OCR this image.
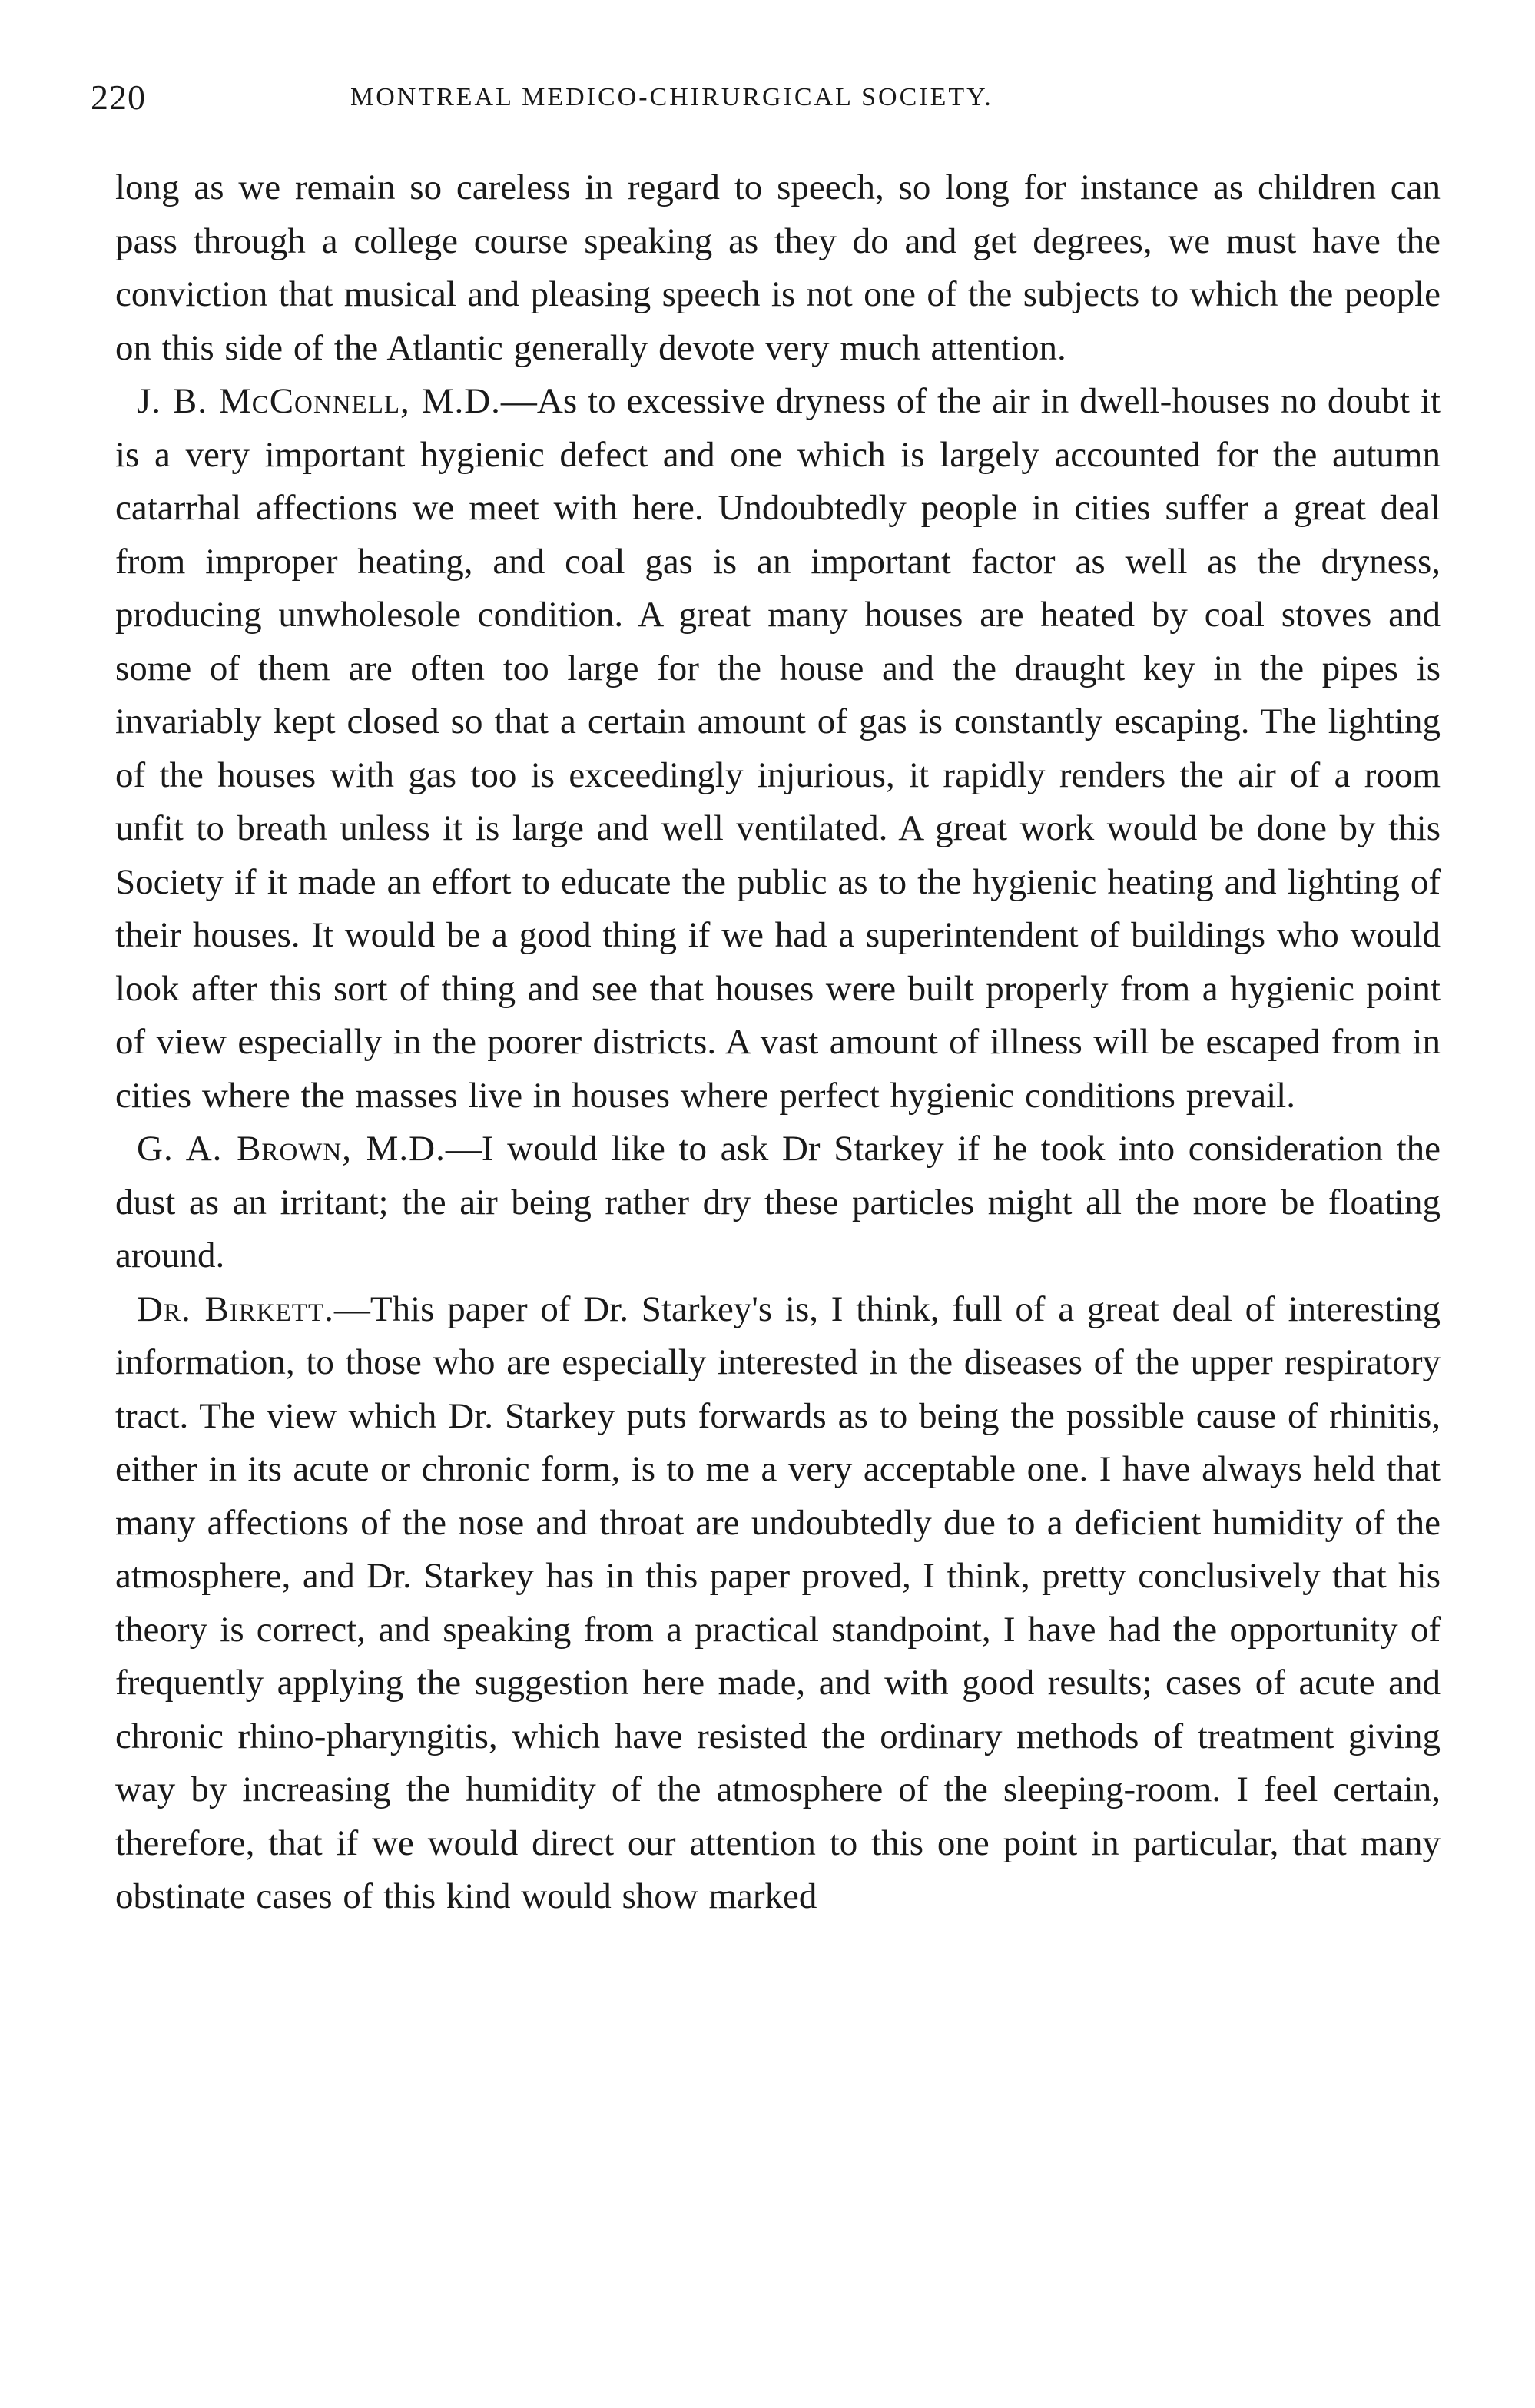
220	MONTREAL MEDICO-CHIRURGICAL SOCIETY.

long as we remain so careless in regard to speech, so long for instance as children can pass through a college course speaking as they do and get degrees, we must have the conviction that musical and pleasing speech is not one of the subjects to which the people on this side of the Atlantic generally devote very much attention.

J. B. McConnell, M.D.—As to excessive dryness of the air in dwell-houses no doubt it is a very important hygienic defect and one which is largely accounted for the autumn catarrhal affections we meet with here. Undoubtedly people in cities suffer a great deal from improper heating, and coal gas is an important factor as well as the dryness, producing unwholesole condition. A great many houses are heated by coal stoves and some of them are often too large for the house and the draught key in the pipes is invariably kept closed so that a certain amount of gas is constantly escaping. The lighting of the houses with gas too is exceedingly injurious, it rapidly renders the air of a room unfit to breath unless it is large and well ventilated. A great work would be done by this Society if it made an effort to educate the public as to the hygienic heating and lighting of their houses. It would be a good thing if we had a superintendent of buildings who would look after this sort of thing and see that houses were built properly from a hygienic point of view especially in the poorer districts. A vast amount of illness will be escaped from in cities where the masses live in houses where perfect hygienic conditions prevail.

G. A. Brown, M.D.—I would like to ask Dr Starkey if he took into consideration the dust as an irritant; the air being rather dry these particles might all the more be floating around.

Dr. Birkett.—This paper of Dr. Starkey's is, I think, full of a great deal of interesting information, to those who are especially interested in the diseases of the upper respiratory tract. The view which Dr. Starkey puts forwards as to being the possible cause of rhinitis, either in its acute or chronic form, is to me a very acceptable one. I have always held that many affections of the nose and throat are undoubtedly due to a deficient humidity of the atmosphere, and Dr. Starkey has in this paper proved, I think, pretty conclusively that his theory is correct, and speaking from a practical standpoint, I have had the opportunity of frequently applying the suggestion here made, and with good results; cases of acute and chronic rhino-pharyngitis, which have resisted the ordinary methods of treatment giving way by increasing the humidity of the atmosphere of the sleeping-room. I feel certain, therefore, that if we would direct our attention to this one point in particular, that many obstinate cases of this kind would show marked
